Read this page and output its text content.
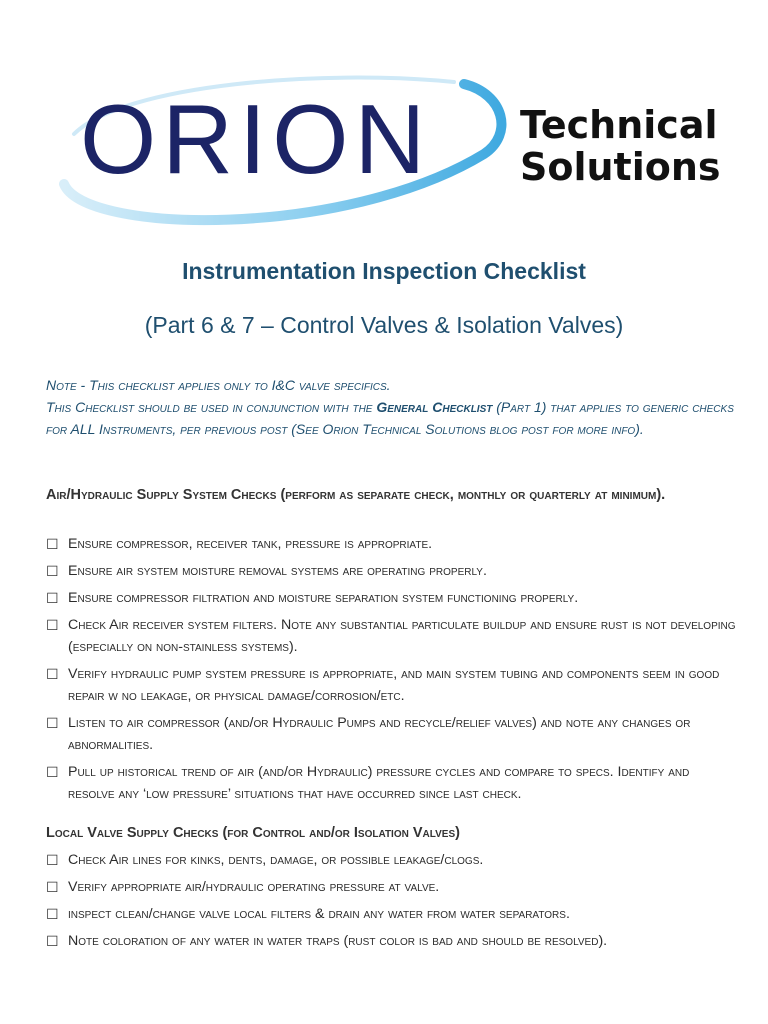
ORION Technical
Solutions
Instrumentation Inspection Checklist
(Part 6 & 7 – Control Valves & Isolation Valves)

Note - This checklist applies only to I&C valve specifics.

This Checklist should be used in conjunction with the General Checklist (Part 1) that applies to generic checks for ALL Instruments, per previous post (See Orion Technical Solutions blog post for more info).

Air/Hydraulic Supply System Checks (perform as separate check, monthly or quarterly at minimum).
☐ Ensure compressor, receiver tank, pressure is appropriate.
☐ Ensure air system moisture removal systems are operating properly.
☐ Ensure compressor filtration and moisture separation system functioning properly.
☐ Check Air receiver system filters. Note any substantial particulate buildup and ensure rust is not developing (especially on non-stainless systems).
☐ Verify hydraulic pump system pressure is appropriate, and main system tubing and components seem in good repair w no leakage, or physical damage/corrosion/etc.
☐ Listen to air compressor (and/or Hydraulic Pumps and recycle/relief valves) and note any changes or abnormalities.
☐ Pull up historical trend of air (and/or Hydraulic) pressure cycles and compare to specs. Identify and resolve any ‘low pressure’ situations that have occurred since last check.
Local Valve Supply Checks (for Control and/or Isolation Valves)
☐ Check Air lines for kinks, dents, damage, or possible leakage/clogs.
☐ Verify appropriate air/hydraulic operating pressure at valve.
☐ inspect clean/change valve local filters & drain any water from water separators.
☐ Note coloration of any water in water traps (rust color is bad and should be resolved).
